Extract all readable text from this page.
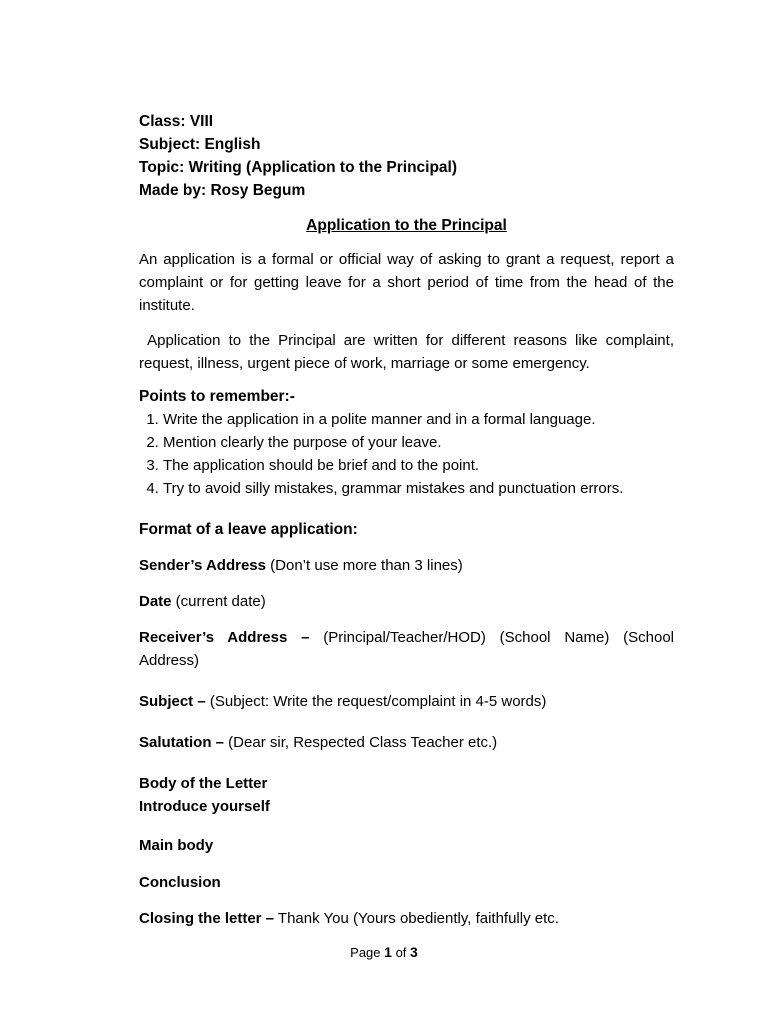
Class: VIII
Subject: English
Topic: Writing (Application to the Principal)
Made by: Rosy Begum
Application to the Principal
An application is a formal or official way of asking to grant a request, report a complaint or for getting leave for a short period of time from the head of the institute.
Application to the Principal are written for different reasons like complaint, request, illness, urgent piece of work, marriage or some emergency.
Points to remember:-
1. Write the application in a polite manner and in a formal language.
2. Mention clearly the purpose of your leave.
3. The application should be brief and to the point.
4. Try to avoid silly mistakes, grammar mistakes and punctuation errors.
Format of a leave application:
Sender’s Address (Don’t use more than 3 lines)
Date (current date)
Receiver’s Address – (Principal/Teacher/HOD) (School Name) (School Address)
Subject – (Subject: Write the request/complaint in 4-5 words)
Salutation – (Dear sir, Respected Class Teacher etc.)
Body of the Letter
Introduce yourself
Main body
Conclusion
Closing the letter – Thank You (Yours obediently, faithfully etc.
Page 1 of 3
